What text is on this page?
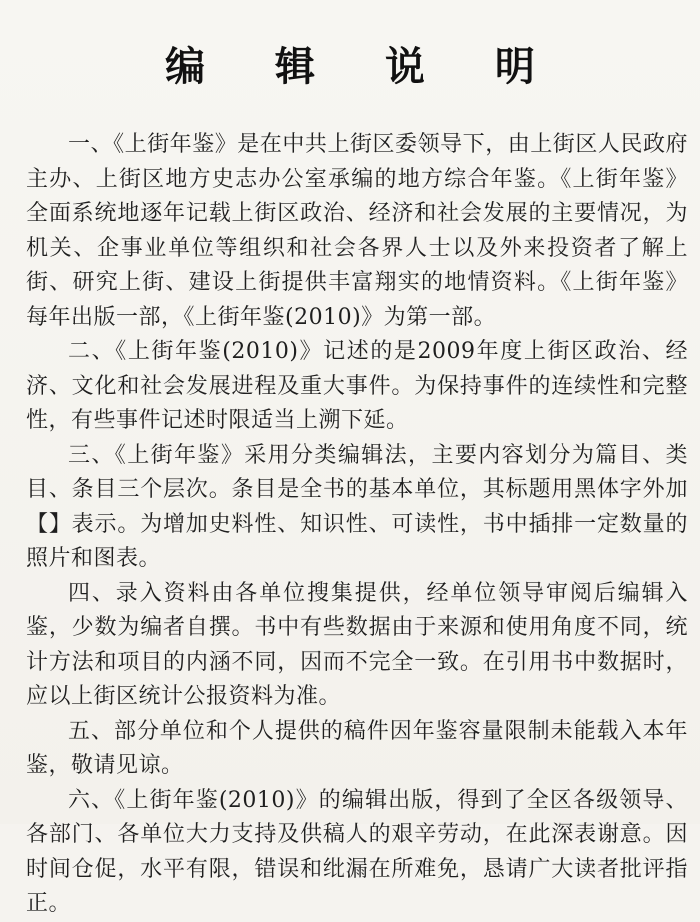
编 辑 说 明

一、《上街年鉴》是在中共上街区委领导下，由上街区人民政府主办、上街区地方史志办公室承编的地方综合年鉴。《上街年鉴》全面系统地逐年记载上街区政治、经济和社会发展的主要情况，为机关、企事业单位等组织和社会各界人士以及外来投资者了解上街、研究上街、建设上街提供丰富翔实的地情资料。《上街年鉴》每年出版一部，《上街年鉴(2010)》为第一部。

二、《上街年鉴(2010)》记述的是2009年度上街区政治、经济、文化和社会发展进程及重大事件。为保持事件的连续性和完整性，有些事件记述时限适当上溯下延。

三、《上街年鉴》采用分类编辑法，主要内容划分为篇目、类目、条目三个层次。条目是全书的基本单位，其标题用黑体字外加【】表示。为增加史料性、知识性、可读性，书中插排一定数量的照片和图表。

四、录入资料由各单位搜集提供，经单位领导审阅后编辑入鉴，少数为编者自撰。书中有些数据由于来源和使用角度不同，统计方法和项目的内涵不同，因而不完全一致。在引用书中数据时，应以上街区统计公报资料为准。

五、部分单位和个人提供的稿件因年鉴容量限制未能载入本年鉴，敬请见谅。

六、《上街年鉴(2010)》的编辑出版，得到了全区各级领导、各部门、各单位大力支持及供稿人的艰辛劳动，在此深表谢意。因时间仓促，水平有限，错误和纰漏在所难免，恳请广大读者批评指正。
